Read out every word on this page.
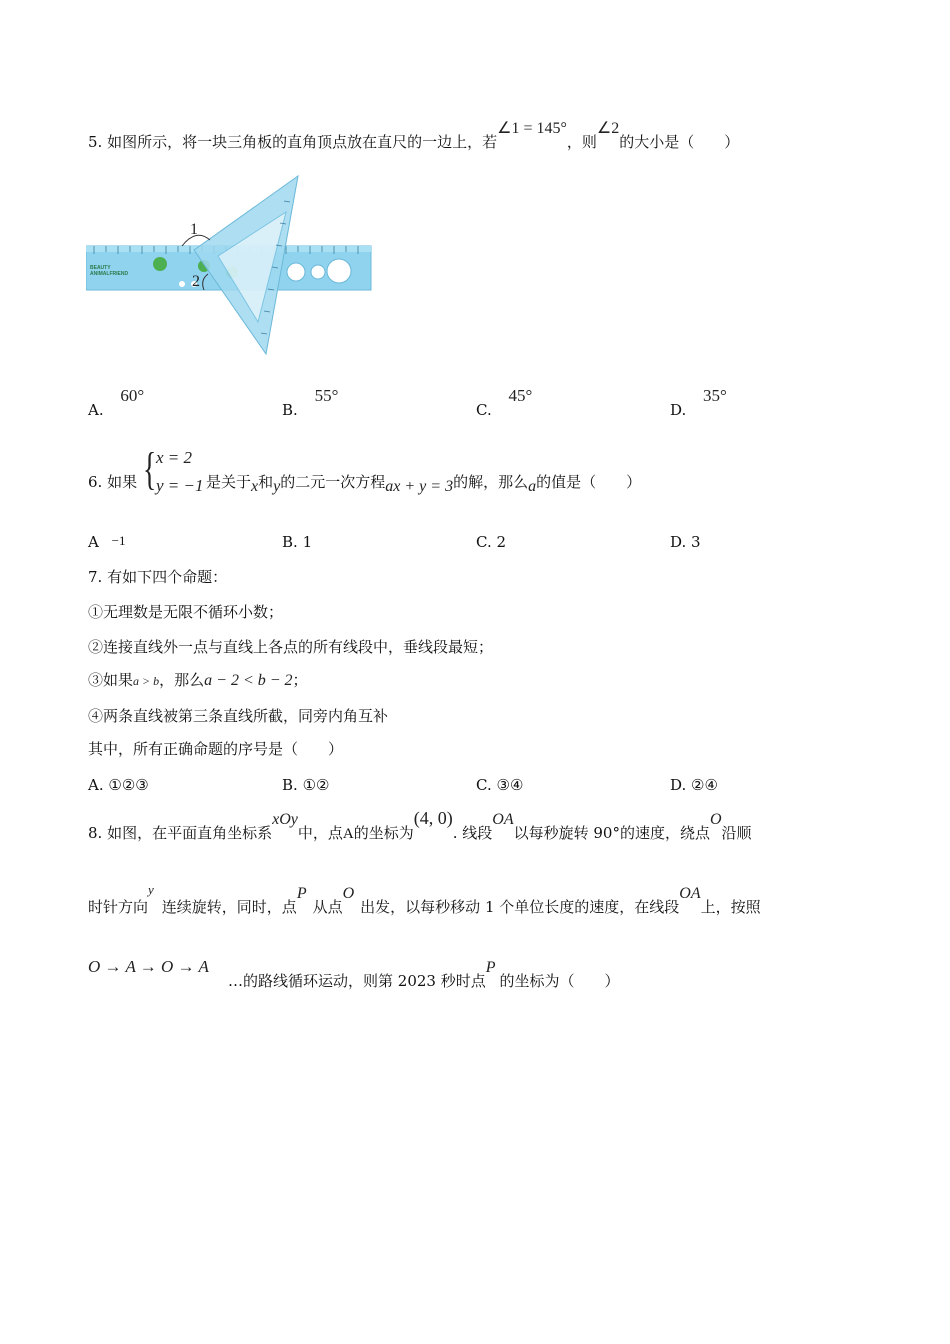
5. 如图所示，将一块三角板的直角顶点放在直尺的一边上，若∠1 = 145°，则∠2的大小是（　　）
BEAUTY
ANIMALFRIEND
1
2
A. 60°
B. 55°
C. 45°
D. 35°
{ x = 2
y = −1
6. 如果	是关于x和y的二元一次方程ax + y = 3的解，那么a的值是（　　）
A −1	B. 1	C. 2	D. 3
7. 有如下四个命题：
①无理数是无限不循环小数；
②连接直线外一点与直线上各点的所有线段中，垂线段最短；
③如果a > b，那么a − 2 < b − 2；
④两条直线被第三条直线所截，同旁内角互补
其中，所有正确命题的序号是（　　）
A. ①②③	B. ①②	C. ③④	D. ②④
8. 如图，在平面直角坐标系xOy中，点A的坐标为(4, 0). 线段OA以每秒旋转 90°的速度，绕点O沿顺
时针方向y连续旋转，同时，点P从点O出发，以每秒移动 1 个单位长度的速度，在线段OA上，按照
O → A → O → A
…的路线循环运动，则第 2023 秒时点P的坐标为（　　）
